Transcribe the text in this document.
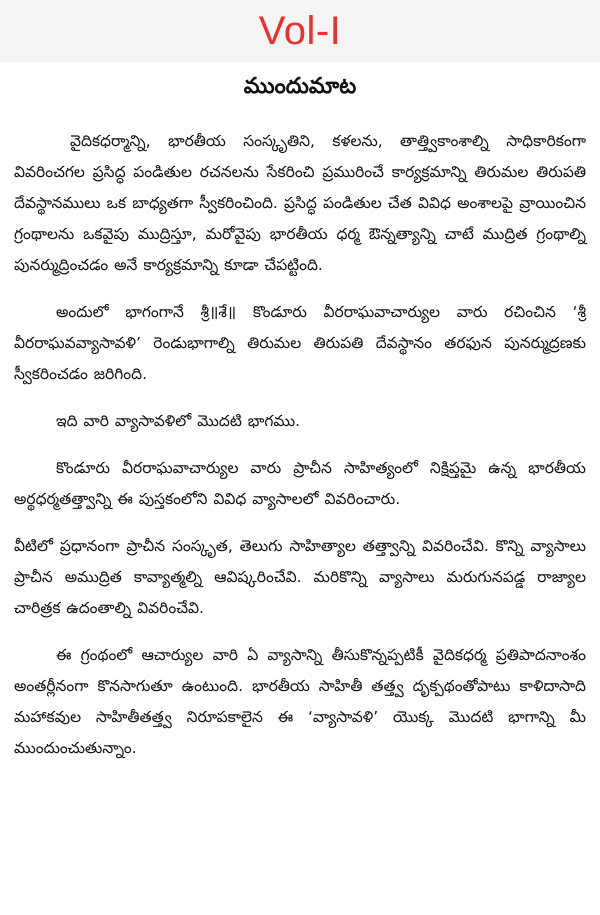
Vol-I
ముందుమాట

వైదికధర్మాన్ని, భారతీయ సంస్కృతిని, కళలను, తాత్త్వికాంశాల్ని సాధికారికంగా వివరించగల ప్రసిద్ధ పండితుల రచనలను సేకరించి ప్రమురించే కార్యక్రమాన్ని తిరుమల తిరుపతి దేవస్థానములు ఒక బాధ్యతగా స్వీకరించింది. ప్రసిద్ధ పండితుల చేత వివిధ అంశాలపై వ్రాయించిన గ్రంథాలను ఒకవైపు ముద్రిస్తూ, మరోవైపు భారతీయ ధర్మ ఔన్నత్యాన్ని చాటే ముద్రిత గ్రంథాల్ని పునర్ముద్రించడం అనే కార్యక్రమాన్ని కూడా చేపట్టింది.

అందులో భాగంగానే శ్రీ॥శే॥ కొండూరు వీరరాఘవాచార్యుల వారు రచించిన ‘శ్రీ వీరరాఘవవ్యాసావళి’ రెండుభాగాల్ని తిరుమల తిరుపతి దేవస్థానం తరఫున పునర్ముద్రణకు స్వీకరించడం జరిగింది.

ఇది వారి వ్యాసావళిలో మొదటి భాగము.

కొండూరు వీరరాఘవాచార్యుల వారు ప్రాచీన సాహిత్యంలో నిక్షిప్తమై ఉన్న భారతీయ అర్థధర్మతత్త్వాన్ని ఈ పుస్తకంలోని వివిధ వ్యాసాలలో వివరించారు.

వీటిలో ప్రధానంగా ప్రాచీన సంస్కృత, తెలుగు సాహిత్యాల తత్త్వాన్ని వివరించేవి. కొన్ని వ్యాసాలు ప్రాచీన అముద్రిత కావ్యాత్మల్ని ఆవిష్కరించేవి. మరికొన్ని వ్యాసాలు మరుగునపడ్డ రాజ్యాల చారిత్రక ఉదంతాల్ని వివరించేవి.

ఈ గ్రంథంలో ఆచార్యుల వారి ఏ వ్యాసాన్ని తీసుకొన్నప్పటికీ వైదికధర్మ ప్రతిపాదనాంశం అంతర్లీనంగా కొనసాగుతూ ఉంటుంది. భారతీయ సాహితీ తత్త్వ దృక్పథంతోపాటు కాళిదాసాది మహాకవుల సాహితీతత్త్వ నిరూపకాలైన ఈ ‘వ్యాసావళి’ యొక్క మొదటి భాగాన్ని మీ ముందుంచుతున్నాం.
